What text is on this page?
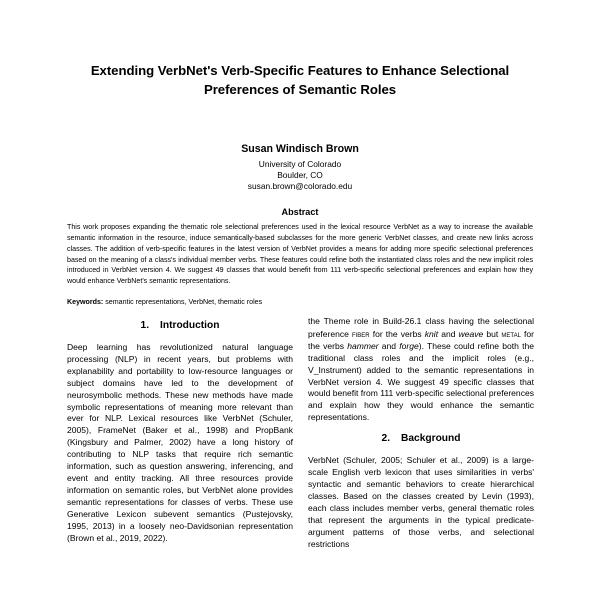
Extending VerbNet's Verb-Specific Features to Enhance Selectional Preferences of Semantic Roles
Susan Windisch Brown
University of Colorado
Boulder, CO
susan.brown@colorado.edu
Abstract
This work proposes expanding the thematic role selectional preferences used in the lexical resource VerbNet as a way to increase the available semantic information in the resource, induce semantically-based subclasses for the more generic VerbNet classes, and create new links across classes. The addition of verb-specific features in the latest version of VerbNet provides a means for adding more specific selectional preferences based on the meaning of a class's individual member verbs. These features could refine both the instantiated class roles and the new implicit roles introduced in VerbNet version 4. We suggest 49 classes that would benefit from 111 verb-specific selectional preferences and explain how they would enhance VerbNet's semantic representations.
Keywords: semantic representations, VerbNet, thematic roles
1. Introduction

Deep learning has revolutionized natural language processing (NLP) in recent years, but problems with explanability and portability to low-resource languages or subject domains have led to the development of neurosymbolic methods. These new methods have made symbolic representations of meaning more relevant than ever for NLP. Lexical resources like VerbNet (Schuler, 2005), FrameNet (Baker et al., 1998) and PropBank (Kingsbury and Palmer, 2002) have a long history of contributing to NLP tasks that require rich semantic information, such as question answering, inferencing, and event and entity tracking. All three resources provide information on semantic roles, but VerbNet alone provides semantic representations for classes of verbs. These use Generative Lexicon subevent semantics (Pustejovsky, 1995, 2013) in a loosely neo-Davidsonian representation (Brown et al., 2019, 2022).

the Theme role in Build-26.1 class having the selectional preference fiber for the verbs knit and weave but metal for the verbs hammer and forge). These could refine both the traditional class roles and the implicit roles (e.g., V_Instrument) added to the semantic representations in VerbNet version 4. We suggest 49 specific classes that would benefit from 111 verb-specific selectional preferences and explain how they would enhance the semantic representations.

2. Background

VerbNet (Schuler, 2005; Schuler et al., 2009) is a large-scale English verb lexicon that uses similarities in verbs' syntactic and semantic behaviors to create hierarchical classes. Based on the classes created by Levin (1993), each class includes member verbs, general thematic roles that represent the arguments in the typical predicate-argument patterns of those verbs, and selectional restrictions
